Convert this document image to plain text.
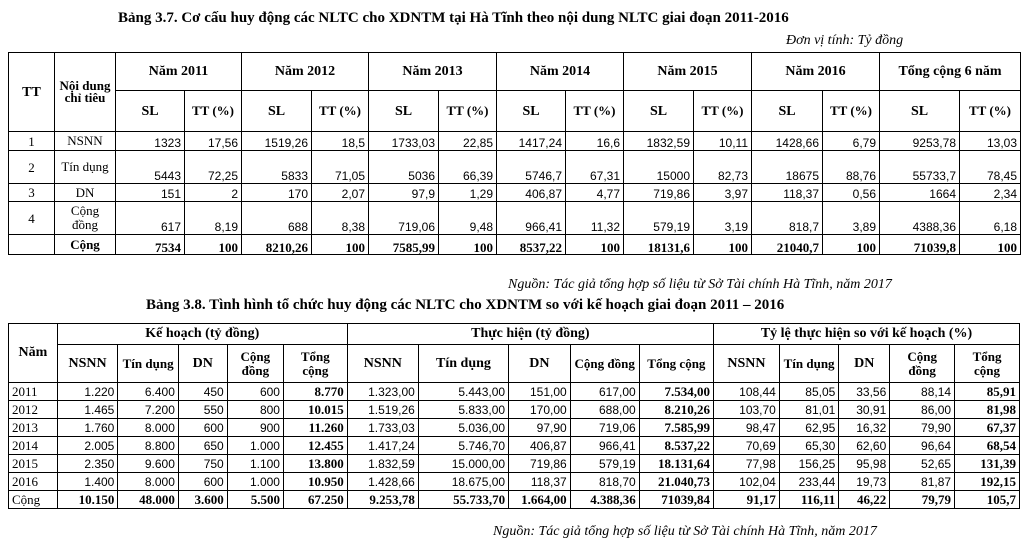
Bảng 3.7. Cơ cấu huy động các NLTC cho XDNTM tại Hà Tĩnh theo nội dung NLTC giai đoạn 2011-2016
Đơn vị tính: Tỷ đồng
TT	Nội dung chỉ tiêu	Năm 2011		Năm 2012		Năm 2013		Năm 2014		Năm 2015		Năm 2016		Tổng cộng 6 năm	
		SL	TT (%)	SL	TT (%)	SL	TT (%)	SL	TT (%)	SL	TT (%)	SL	TT (%)	SL	TT (%)
1	NSNN	1323	17,56	1519,26	18,5	1733,03	22,85	1417,24	16,6	1832,59	10,11	1428,66	6,79	9253,78	13,03
2	Tín dụng	5443	72,25	5833	71,05	5036	66,39	5746,7	67,31	15000	82,73	18675	88,76	55733,7	78,45
3	DN	151	2	170	2,07	97,9	1,29	406,87	4,77	719,86	3,97	118,37	0,56	1664	2,34
4	Cộng đồng	617	8,19	688	8,38	719,06	9,48	966,41	11,32	579,19	3,19	818,7	3,89	4388,36	6,18
	Cộng	7534	100	8210,26	100	7585,99	100	8537,22	100	18131,6	100	21040,7	100	71039,8	100
Nguồn: Tác giả tổng hợp số liệu từ Sở Tài chính Hà Tĩnh, năm 2017
Bảng 3.8. Tình hình tổ chức huy động các NLTC cho XDNTM so với kế hoạch giai đoạn 2011 – 2016
Năm	Kế hoạch (tỷ đồng)					Thực hiện (tỷ đồng)					Tỷ lệ thực hiện so với kế hoạch (%)				
	NSNN	Tín dụng	DN	Cộng đồng	Tổng cộng	NSNN	Tín dụng	DN	Cộng đồng	Tổng cộng	NSNN	Tín dụng	DN	Cộng đồng	Tổng cộng
2011	1.220	6.400	450	600	8.770	1.323,00	5.443,00	151,00	617,00	7.534,00	108,44	85,05	33,56	88,14	85,91
2012	1.465	7.200	550	800	10.015	1.519,26	5.833,00	170,00	688,00	8.210,26	103,70	81,01	30,91	86,00	81,98
2013	1.760	8.000	600	900	11.260	1.733,03	5.036,00	97,90	719,06	7.585,99	98,47	62,95	16,32	79,90	67,37
2014	2.005	8.800	650	1.000	12.455	1.417,24	5.746,70	406,87	966,41	8.537,22	70,69	65,30	62,60	96,64	68,54
2015	2.350	9.600	750	1.100	13.800	1.832,59	15.000,00	719,86	579,19	18.131,64	77,98	156,25	95,98	52,65	131,39
2016	1.400	8.000	600	1.000	10.950	1.428,66	18.675,00	118,37	818,70	21.040,73	102,04	233,44	19,73	81,87	192,15
Cộng	10.150	48.000	3.600	5.500	67.250	9.253,78	55.733,70	1.664,00	4.388,36	71039,84	91,17	116,11	46,22	79,79	105,7
Nguồn: Tác giả tổng hợp số liệu từ Sở Tài chính Hà Tĩnh, năm 2017
